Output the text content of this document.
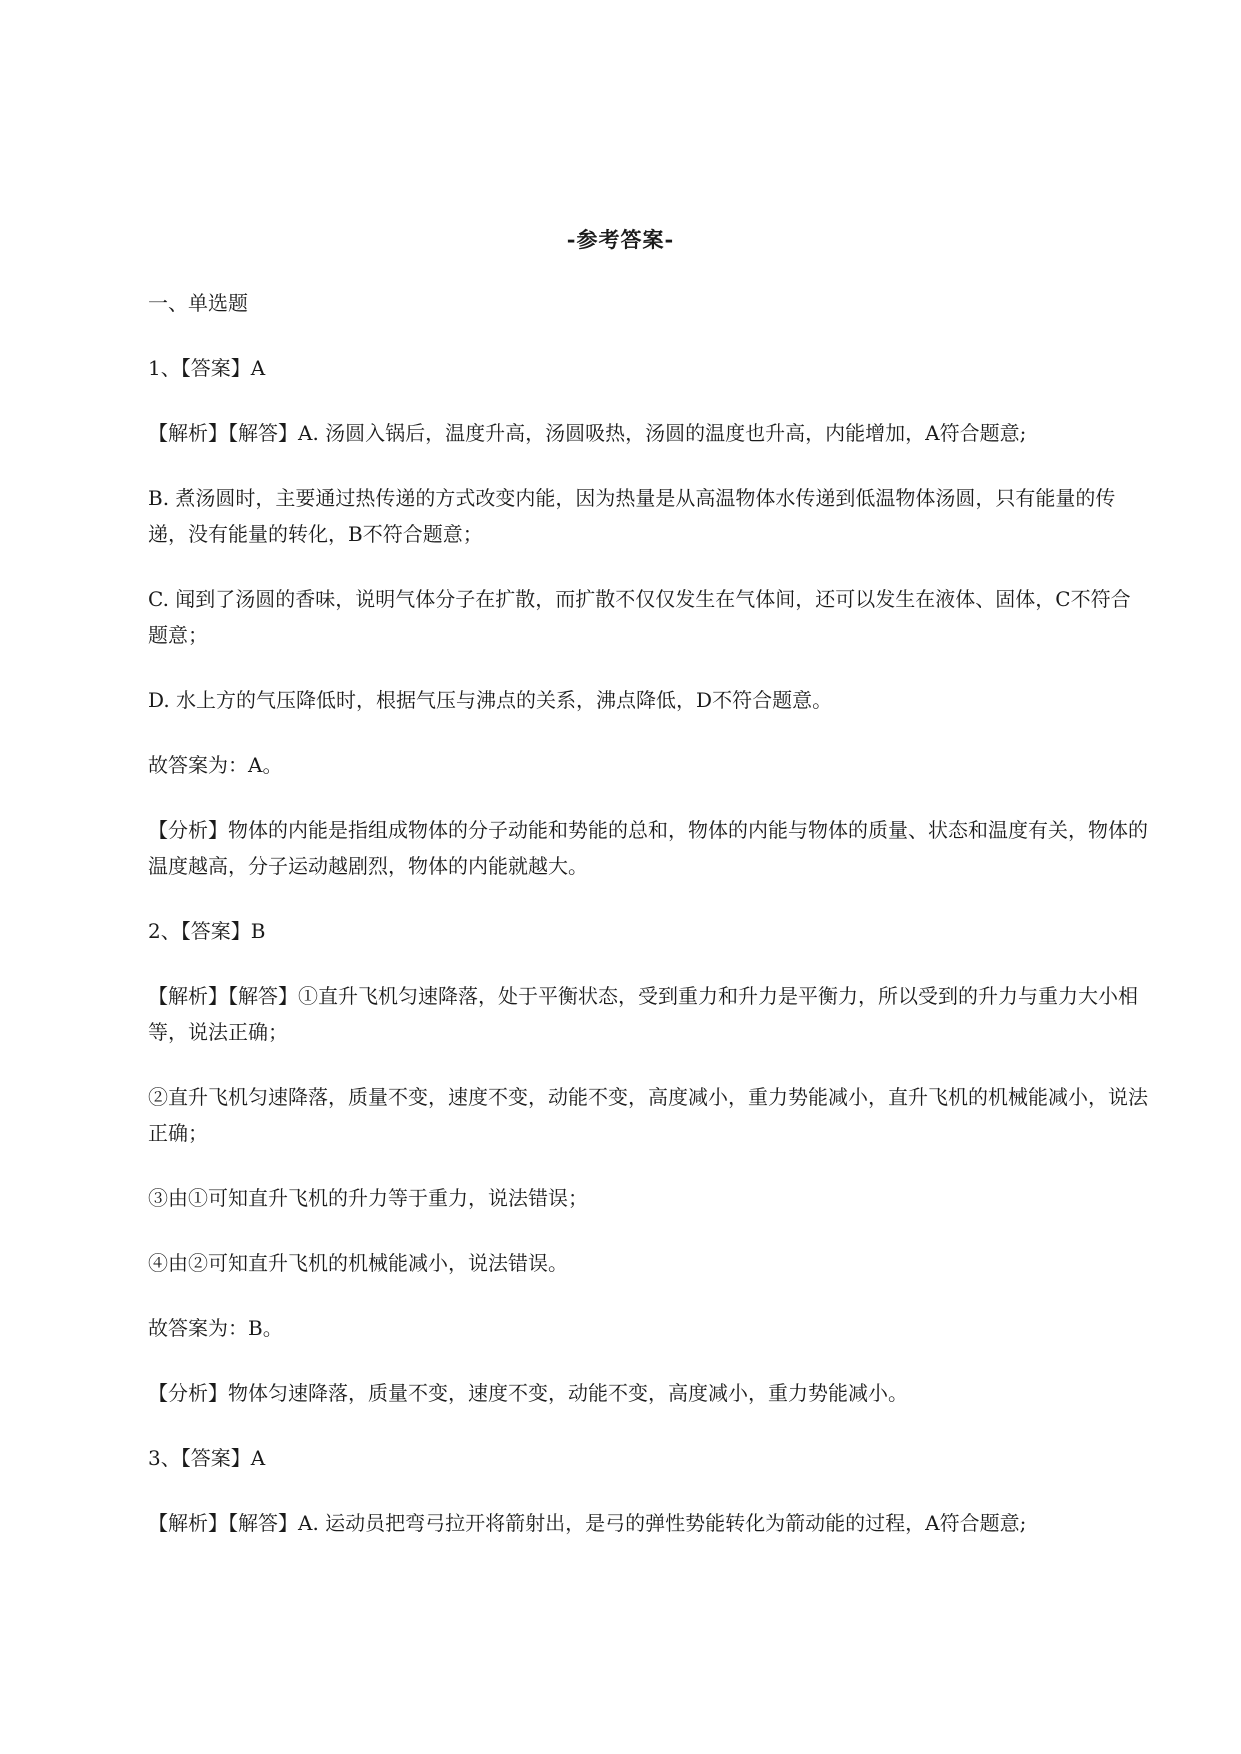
-参考答案-

一、单选题

1、【答案】A

【解析】【解答】A. 汤圆入锅后，温度升高，汤圆吸热，汤圆的温度也升高，内能增加，A符合题意;

B. 煮汤圆时，主要通过热传递的方式改变内能，因为热量是从高温物体水传递到低温物体汤圆，只有能量的传递，没有能量的转化，B不符合题意；

C. 闻到了汤圆的香味，说明气体分子在扩散，而扩散不仅仅发生在气体间，还可以发生在液体、固体，C不符合题意；

D. 水上方的气压降低时，根据气压与沸点的关系，沸点降低，D不符合题意。

故答案为：A。

【分析】物体的内能是指组成物体的分子动能和势能的总和，物体的内能与物体的质量、状态和温度有关，物体的温度越高，分子运动越剧烈，物体的内能就越大。

2、【答案】B

【解析】【解答】①直升飞机匀速降落，处于平衡状态，受到重力和升力是平衡力，所以受到的升力与重力大小相等，说法正确；

②直升飞机匀速降落，质量不变，速度不变，动能不变，高度减小，重力势能减小，直升飞机的机械能减小，说法正确；

③由①可知直升飞机的升力等于重力，说法错误；

④由②可知直升飞机的机械能减小，说法错误。

故答案为：B。

【分析】物体匀速降落，质量不变，速度不变，动能不变，高度减小，重力势能减小。

3、【答案】A

【解析】【解答】A. 运动员把弯弓拉开将箭射出，是弓的弹性势能转化为箭动能的过程，A符合题意;
